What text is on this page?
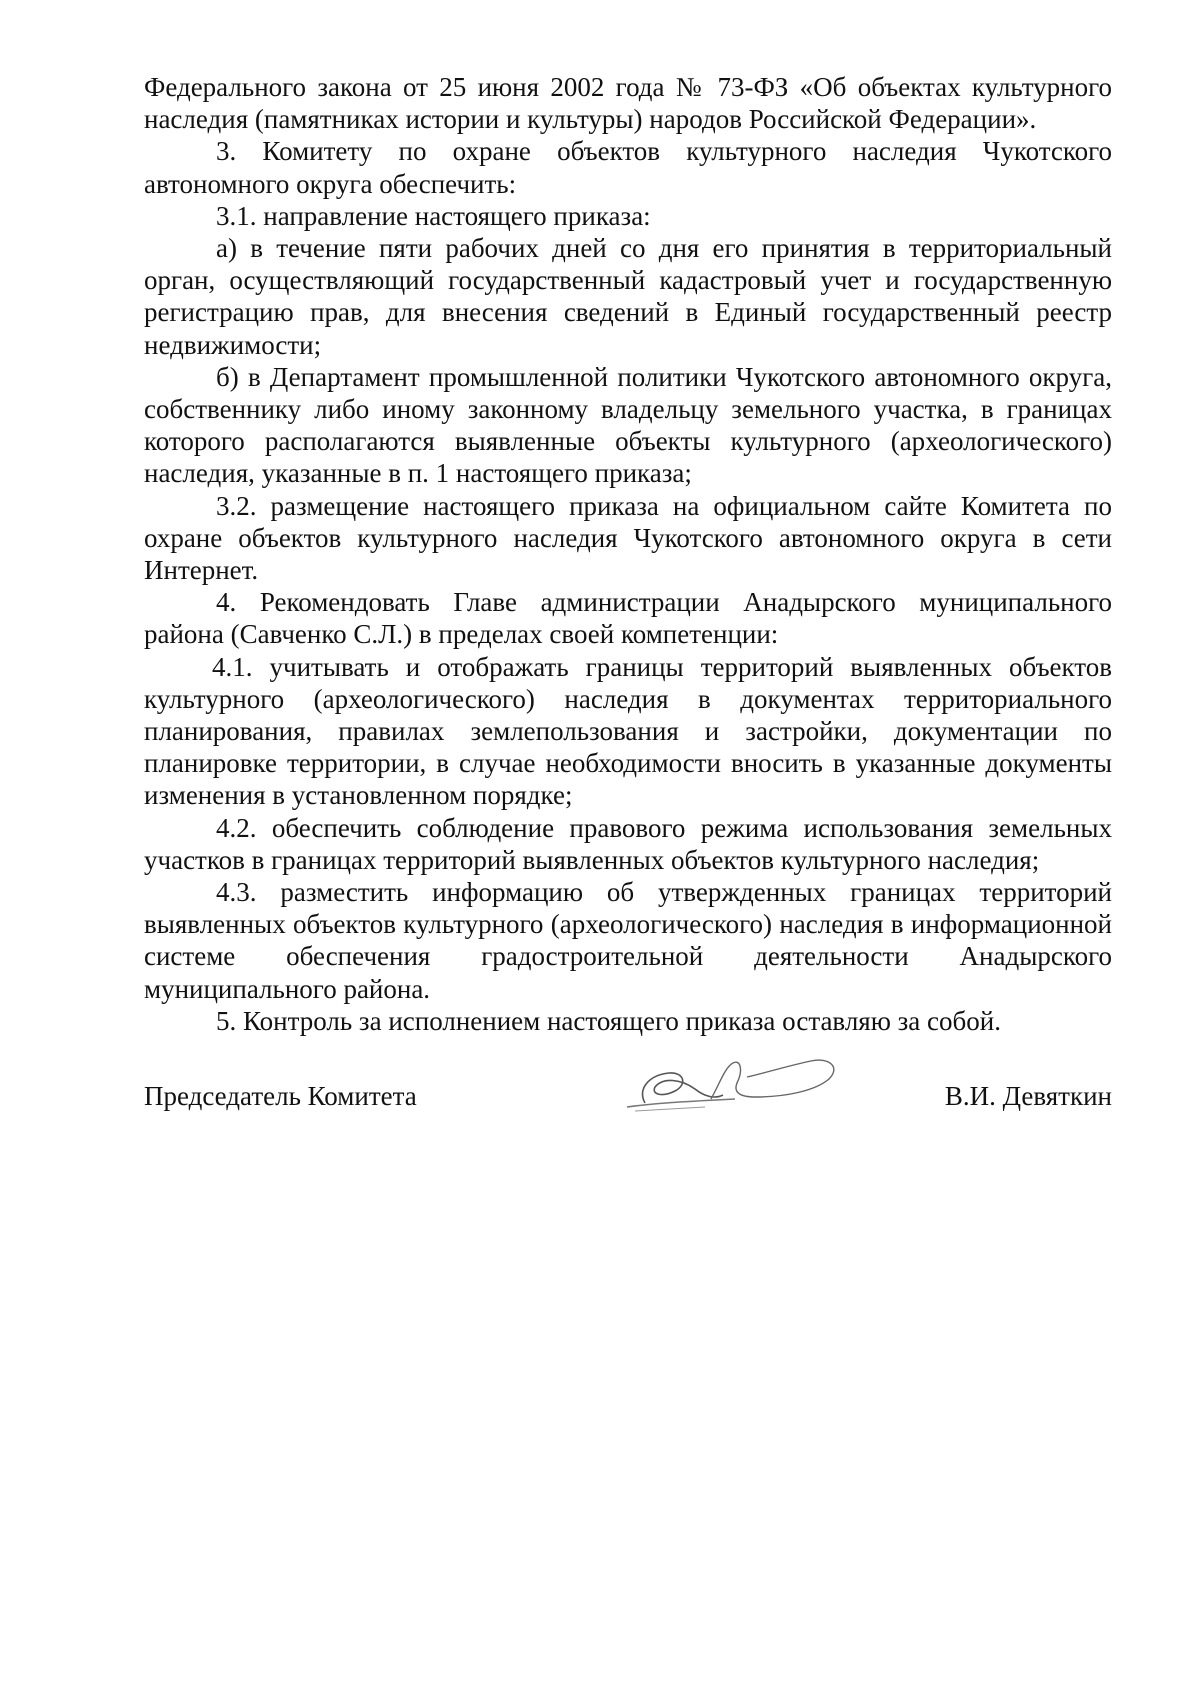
Федерального закона от 25 июня 2002 года № 73-ФЗ «Об объектах культурного наследия (памятниках истории и культуры) народов Российской Федерации».

3. Комитету по охране объектов культурного наследия Чукотского автономного округа обеспечить:

3.1. направление настоящего приказа:

а) в течение пяти рабочих дней со дня его принятия в территориальный орган, осуществляющий государственный кадастровый учет и государственную регистрацию прав, для внесения сведений в Единый государственный реестр недвижимости;

б) в Департамент промышленной политики Чукотского автономного округа, собственнику либо иному законному владельцу земельного участка, в границах которого располагаются выявленные объекты культурного (археологического) наследия, указанные в п. 1 настоящего приказа;

3.2. размещение настоящего приказа на официальном сайте Комитета по охране объектов культурного наследия Чукотского автономного округа в сети Интернет.

4. Рекомендовать Главе администрации Анадырского муниципального района (Савченко С.Л.) в пределах своей компетенции:

4.1. учитывать и отображать границы территорий выявленных объектов культурного (археологического) наследия в документах территориального планирования, правилах землепользования и застройки, документации по планировке территории, в случае необходимости вносить в указанные документы изменения в установленном порядке;

4.2. обеспечить соблюдение правового режима использования земельных участков в границах территорий выявленных объектов культурного наследия;

4.3. разместить информацию об утвержденных границах территорий выявленных объектов культурного (археологического) наследия в информационной системе обеспечения градостроительной деятельности Анадырского муниципального района.

5. Контроль за исполнением настоящего приказа оставляю за собой.

Председатель Комитета	В.И. Девяткин
